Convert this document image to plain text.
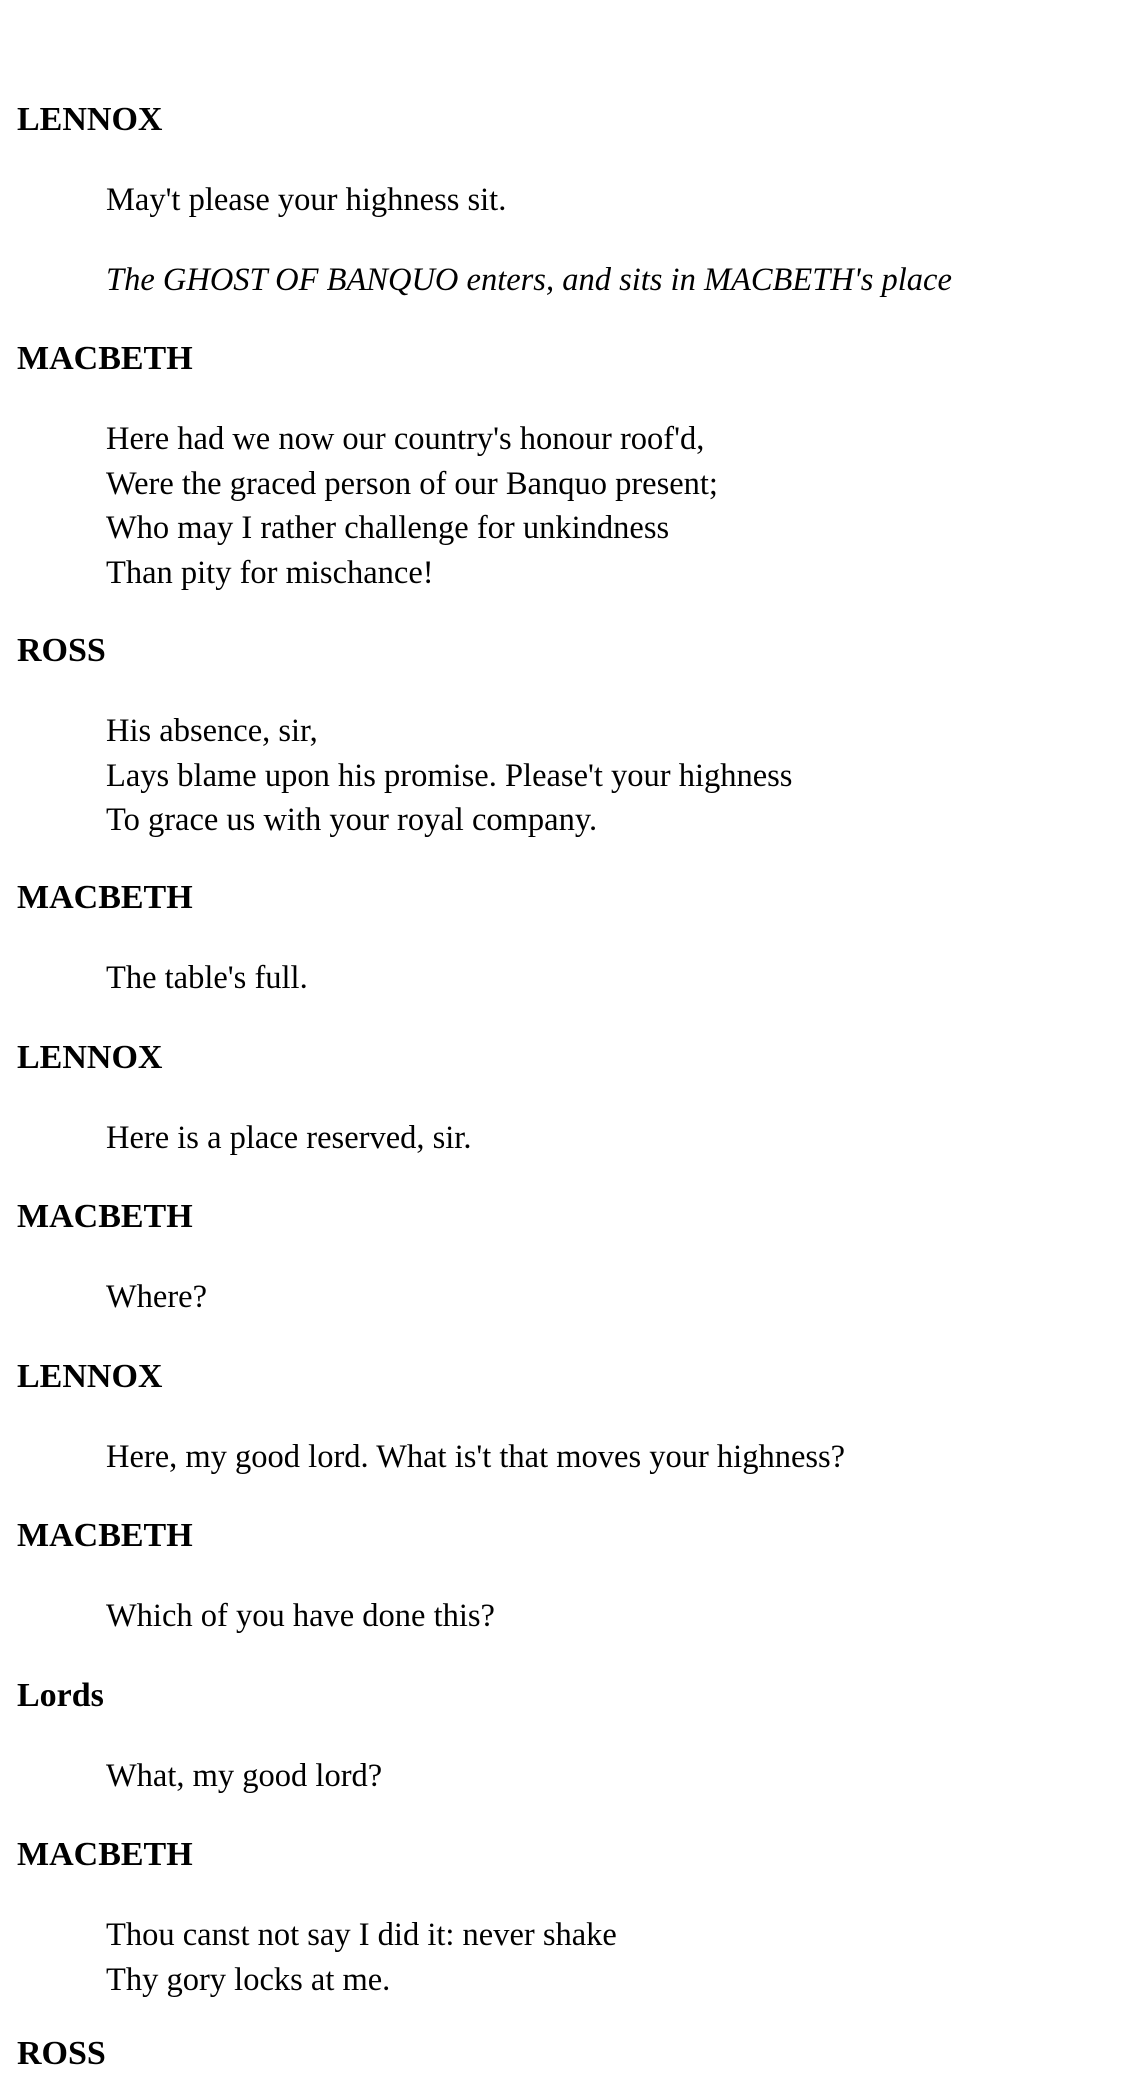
LENNOX
May't please your highness sit.
The GHOST OF BANQUO enters, and sits in MACBETH's place
MACBETH
Here had we now our country's honour roof'd,
Were the graced person of our Banquo present;
Who may I rather challenge for unkindness
Than pity for mischance!
ROSS
His absence, sir,
Lays blame upon his promise. Please't your highness
To grace us with your royal company.
MACBETH
The table's full.
LENNOX
Here is a place reserved, sir.
MACBETH
Where?
LENNOX
Here, my good lord. What is't that moves your highness?
MACBETH
Which of you have done this?
Lords
What, my good lord?
MACBETH
Thou canst not say I did it: never shake
Thy gory locks at me.
ROSS
